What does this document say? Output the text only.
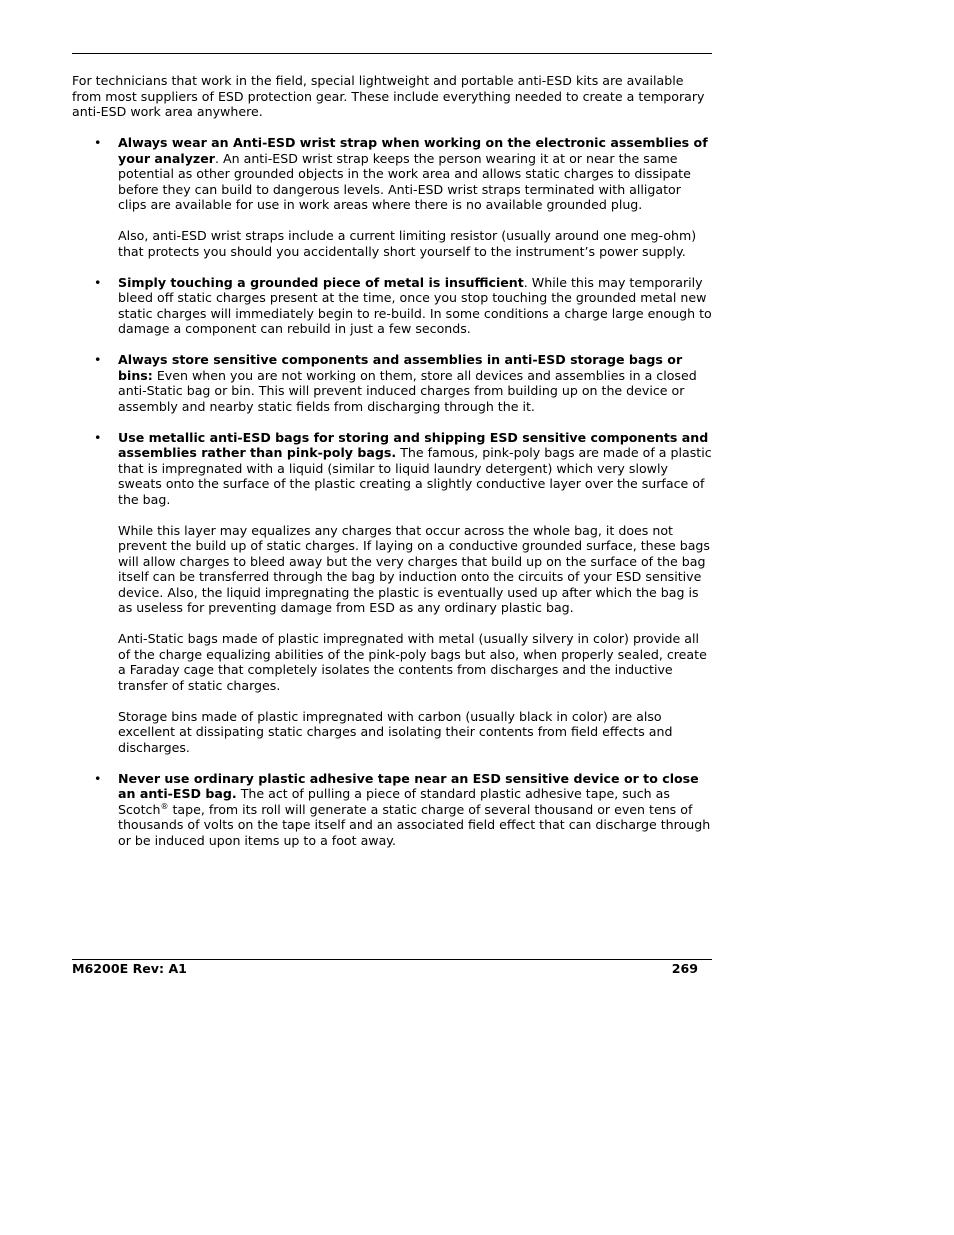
For technicians that work in the field, special lightweight and portable anti-ESD kits are available from most suppliers of ESD protection gear. These include everything needed to create a temporary anti-ESD work area anywhere.

• Always wear an Anti-ESD wrist strap when working on the electronic assemblies of your analyzer. An anti-ESD wrist strap keeps the person wearing it at or near the same potential as other grounded objects in the work area and allows static charges to dissipate before they can build to dangerous levels. Anti-ESD wrist straps terminated with alligator clips are available for use in work areas where there is no available grounded plug.

Also, anti-ESD wrist straps include a current limiting resistor (usually around one meg-ohm) that protects you should you accidentally short yourself to the instrument’s power supply.

• Simply touching a grounded piece of metal is insufficient. While this may temporarily bleed off static charges present at the time, once you stop touching the grounded metal new static charges will immediately begin to re-build. In some conditions a charge large enough to damage a component can rebuild in just a few seconds.

• Always store sensitive components and assemblies in anti-ESD storage bags or bins: Even when you are not working on them, store all devices and assemblies in a closed anti-Static bag or bin. This will prevent induced charges from building up on the device or assembly and nearby static fields from discharging through the it.

• Use metallic anti-ESD bags for storing and shipping ESD sensitive components and assemblies rather than pink-poly bags. The famous, pink-poly bags are made of a plastic that is impregnated with a liquid (similar to liquid laundry detergent) which very slowly sweats onto the surface of the plastic creating a slightly conductive layer over the surface of the bag.

While this layer may equalizes any charges that occur across the whole bag, it does not prevent the build up of static charges. If laying on a conductive grounded surface, these bags will allow charges to bleed away but the very charges that build up on the surface of the bag itself can be transferred through the bag by induction onto the circuits of your ESD sensitive device. Also, the liquid impregnating the plastic is eventually used up after which the bag is as useless for preventing damage from ESD as any ordinary plastic bag.

Anti-Static bags made of plastic impregnated with metal (usually silvery in color) provide all of the charge equalizing abilities of the pink-poly bags but also, when properly sealed, create a Faraday cage that completely isolates the contents from discharges and the inductive transfer of static charges.

Storage bins made of plastic impregnated with carbon (usually black in color) are also excellent at dissipating static charges and isolating their contents from field effects and discharges.

• Never use ordinary plastic adhesive tape near an ESD sensitive device or to close an anti-ESD bag. The act of pulling a piece of standard plastic adhesive tape, such as Scotch® tape, from its roll will generate a static charge of several thousand or even tens of thousands of volts on the tape itself and an associated field effect that can discharge through or be induced upon items up to a foot away.

M6200E Rev: A1	269
